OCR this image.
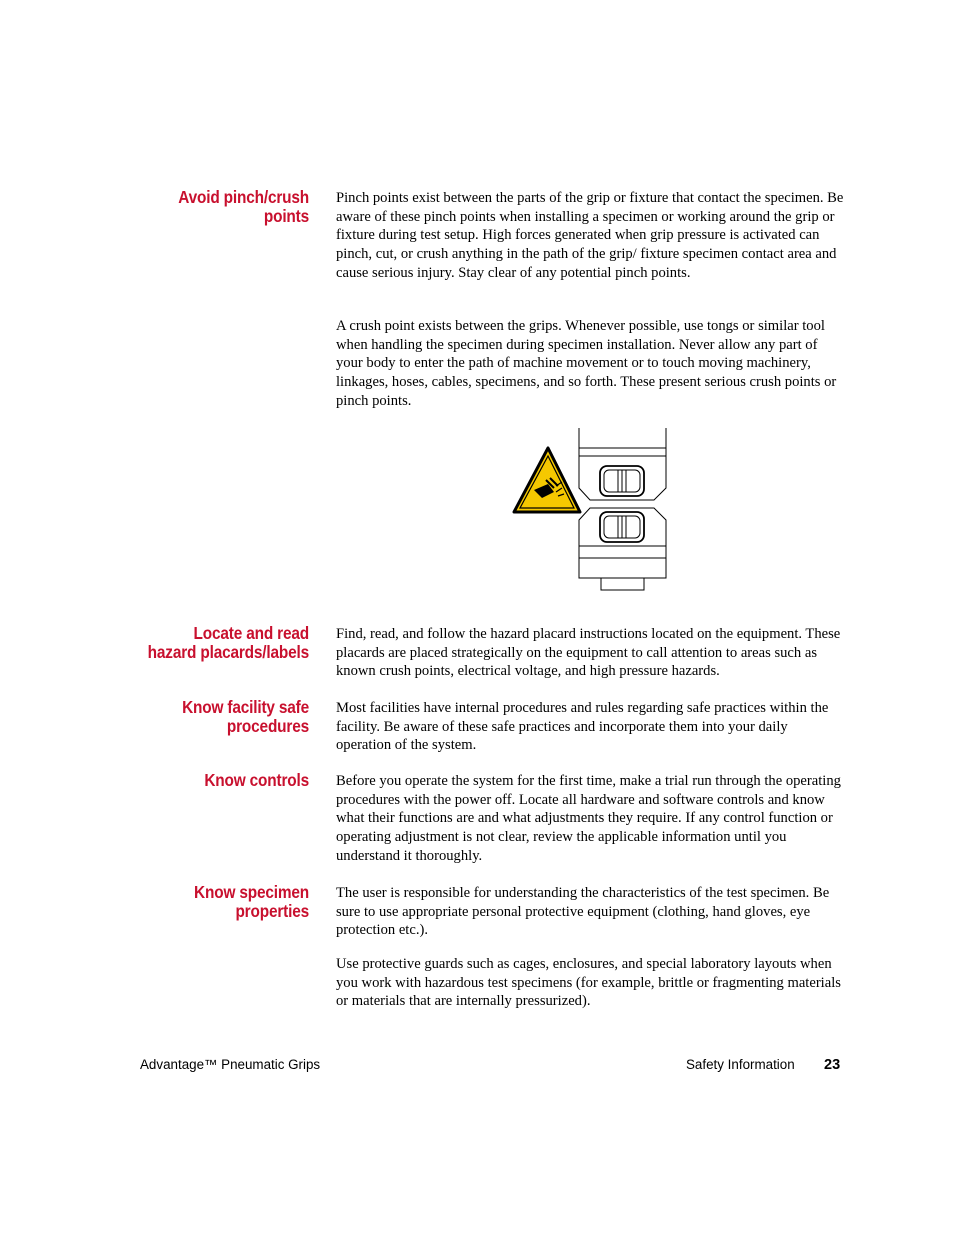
Avoid pinch/crush points

Pinch points exist between the parts of the grip or fixture that contact the specimen. Be aware of these pinch points when installing a specimen or working around the grip or fixture during test setup. High forces generated when grip pressure is activated can pinch, cut, or crush anything in the path of the grip/ fixture specimen contact area and cause serious injury. Stay clear of any potential pinch points.

A crush point exists between the grips. Whenever possible, use tongs or similar tool when handling the specimen during specimen installation. Never allow any part of your body to enter the path of machine movement or to touch moving machinery, linkages, hoses, cables, specimens, and so forth. These present serious crush points or pinch points.

Locate and read hazard placards/labels

Find, read, and follow the hazard placard instructions located on the equipment. These placards are placed strategically on the equipment to call attention to areas such as known crush points, electrical voltage, and high pressure hazards.

Know facility safe procedures

Most facilities have internal procedures and rules regarding safe practices within the facility. Be aware of these safe practices and incorporate them into your daily operation of the system.

Know controls Before you operate the system for the first time, make a trial run through the operating procedures with the power off. Locate all hardware and software controls and know what their functions are and what adjustments they require. If any control function or operating adjustment is not clear, review the applicable information until you understand it thoroughly.

Know specimen properties

The user is responsible for understanding the characteristics of the test specimen. Be sure to use appropriate personal protective equipment (clothing, hand gloves, eye protection etc.).

Use protective guards such as cages, enclosures, and special laboratory layouts when you work with hazardous test specimens (for example, brittle or fragmenting materials or materials that are internally pressurized).

Advantage™ Pneumatic Grips	Safety Information 23
